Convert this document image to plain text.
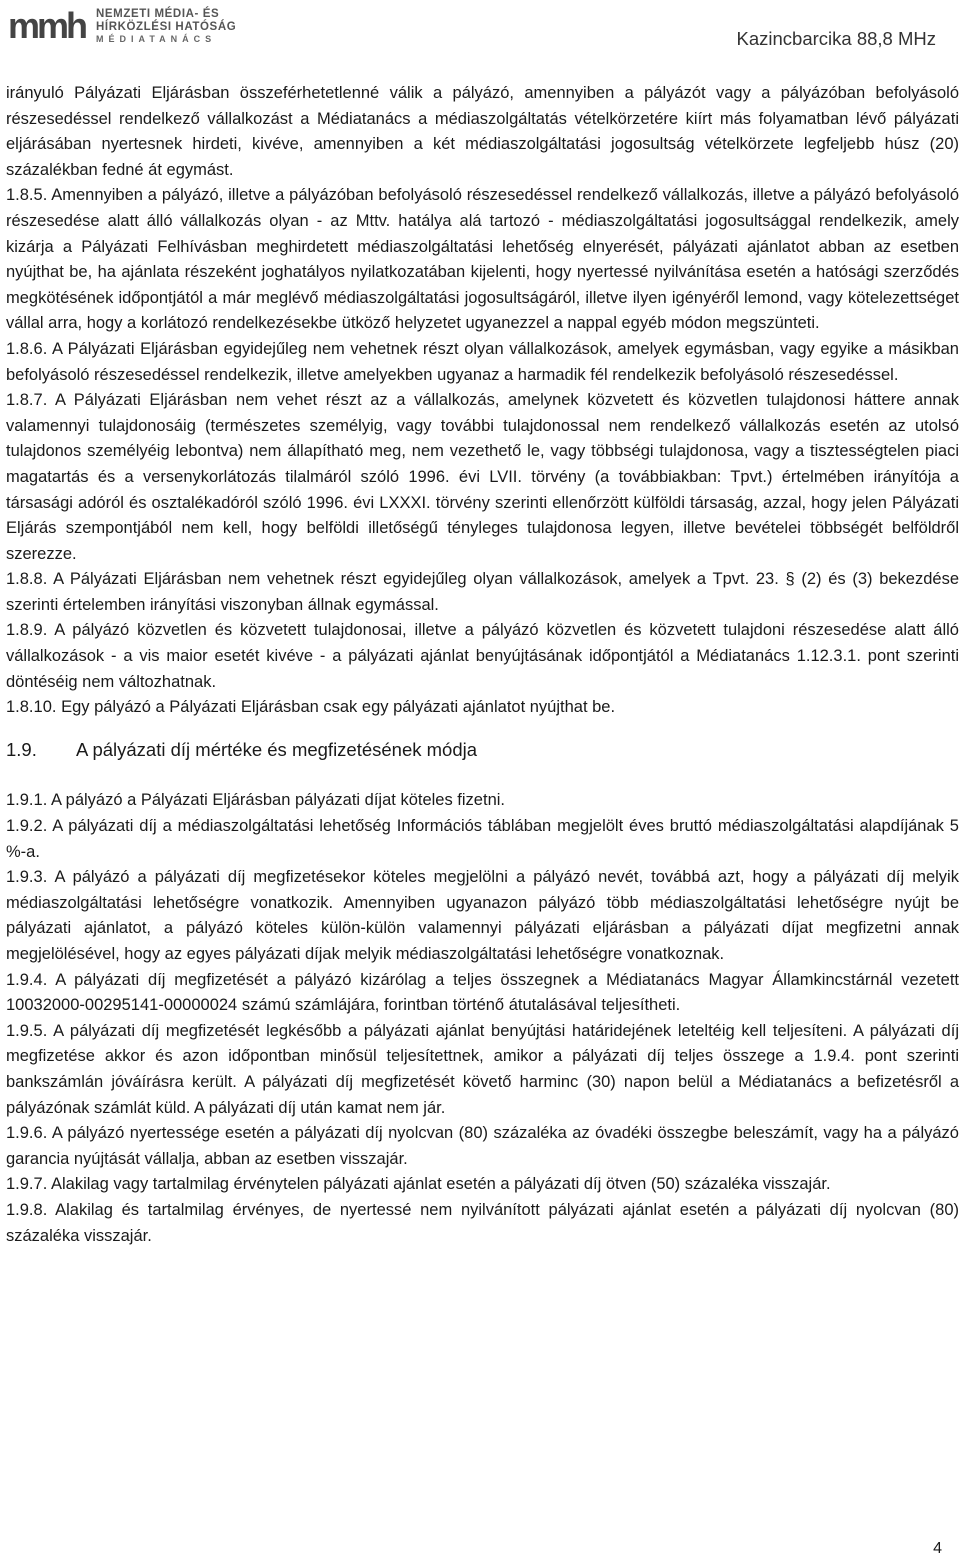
mmh NEMZETI MÉDIA- ÉS
HÍRKÖZLÉSI HATÓSÁG
MÉDIATANÁCS	Kazincbarcika 88,8 MHz

irányuló Pályázati Eljárásban összeférhetetlenné válik a pályázó, amennyiben a pályázót vagy a pályázóban befolyásoló részesedéssel rendelkező vállalkozást a Médiatanács a médiaszolgáltatás vételkörzetére kiírt más folyamatban lévő pályázati eljárásában nyertesnek hirdeti, kivéve, amennyiben a két médiaszolgáltatási jogosultság vételkörzete legfeljebb húsz (20) százalékban fedné át egymást.

1.8.5. Amennyiben a pályázó, illetve a pályázóban befolyásoló részesedéssel rendelkező vállalkozás, illetve a pályázó befolyásoló részesedése alatt álló vállalkozás olyan - az Mttv. hatálya alá tartozó - médiaszolgáltatási jogosultsággal rendelkezik, amely kizárja a Pályázati Felhívásban meghirdetett médiaszolgáltatási lehetőség elnyerését, pályázati ajánlatot abban az esetben nyújthat be, ha ajánlata részeként joghatályos nyilatkozatában kijelenti, hogy nyertessé nyilvánítása esetén a hatósági szerződés megkötésének időpontjától a már meglévő médiaszolgáltatási jogosultságáról, illetve ilyen igényéről lemond, vagy kötelezettséget vállal arra, hogy a korlátozó rendelkezésekbe ütköző helyzetet ugyanezzel a nappal egyéb módon megszünteti.

1.8.6. A Pályázati Eljárásban egyidejűleg nem vehetnek részt olyan vállalkozások, amelyek egymásban, vagy egyike a másikban befolyásoló részesedéssel rendelkezik, illetve amelyekben ugyanaz a harmadik fél rendelkezik befolyásoló részesedéssel.

1.8.7. A Pályázati Eljárásban nem vehet részt az a vállalkozás, amelynek közvetett és közvetlen tulajdonosi háttere annak valamennyi tulajdonosáig (természetes személyig, vagy további tulajdonossal nem rendelkező vállalkozás esetén az utolsó tulajdonos személyéig lebontva) nem állapítható meg, nem vezethető le, vagy többségi tulajdonosa, vagy a tisztességtelen piaci magatartás és a versenykorlátozás tilalmáról szóló 1996. évi LVII. törvény (a továbbiakban: Tpvt.) értelmében irányítója a társasági adóról és osztalékadóról szóló 1996. évi LXXXI. törvény szerinti ellenőrzött külföldi társaság, azzal, hogy jelen Pályázati Eljárás szempontjából nem kell, hogy belföldi illetőségű tényleges tulajdonosa legyen, illetve bevételei többségét belföldről szerezze.

1.8.8. A Pályázati Eljárásban nem vehetnek részt egyidejűleg olyan vállalkozások, amelyek a Tpvt. 23. § (2) és (3) bekezdése szerinti értelemben irányítási viszonyban állnak egymással.

1.8.9. A pályázó közvetlen és közvetett tulajdonosai, illetve a pályázó közvetlen és közvetett tulajdoni részesedése alatt álló vállalkozások - a vis maior esetét kivéve - a pályázati ajánlat benyújtásának időpontjától a Médiatanács 1.12.3.1. pont szerinti döntéséig nem változhatnak.

1.8.10. Egy pályázó a Pályázati Eljárásban csak egy pályázati ajánlatot nyújthat be.

1.9. A pályázati díj mértéke és megfizetésének módja

1.9.1. A pályázó a Pályázati Eljárásban pályázati díjat köteles fizetni.

1.9.2. A pályázati díj a médiaszolgáltatási lehetőség Információs táblában megjelölt éves bruttó médiaszolgáltatási alapdíjának 5 %-a.

1.9.3. A pályázó a pályázati díj megfizetésekor köteles megjelölni a pályázó nevét, továbbá azt, hogy a pályázati díj melyik médiaszolgáltatási lehetőségre vonatkozik. Amennyiben ugyanazon pályázó több médiaszolgáltatási lehetőségre nyújt be pályázati ajánlatot, a pályázó köteles külön-külön valamennyi pályázati eljárásban a pályázati díjat megfizetni annak megjelölésével, hogy az egyes pályázati díjak melyik médiaszolgáltatási lehetőségre vonatkoznak.

1.9.4. A pályázati díj megfizetését a pályázó kizárólag a teljes összegnek a Médiatanács Magyar Államkincstárnál vezetett 10032000-00295141-00000024 számú számlájára, forintban történő átutalásával teljesítheti.

1.9.5. A pályázati díj megfizetését legkésőbb a pályázati ajánlat benyújtási határidejének leteltéig kell teljesíteni. A pályázati díj megfizetése akkor és azon időpontban minősül teljesítettnek, amikor a pályázati díj teljes összege a 1.9.4. pont szerinti bankszámlán jóváírásra került. A pályázati díj megfizetését követő harminc (30) napon belül a Médiatanács a befizetésről a pályázónak számlát küld. A pályázati díj után kamat nem jár.

1.9.6. A pályázó nyertessége esetén a pályázati díj nyolcvan (80) százaléka az óvadéki összegbe beleszámít, vagy ha a pályázó garancia nyújtását vállalja, abban az esetben visszajár.

1.9.7. Alakilag vagy tartalmilag érvénytelen pályázati ajánlat esetén a pályázati díj ötven (50) százaléka visszajár.

1.9.8. Alakilag és tartalmilag érvényes, de nyertessé nem nyilvánított pályázati ajánlat esetén a pályázati díj nyolcvan (80) százaléka visszajár.

4
